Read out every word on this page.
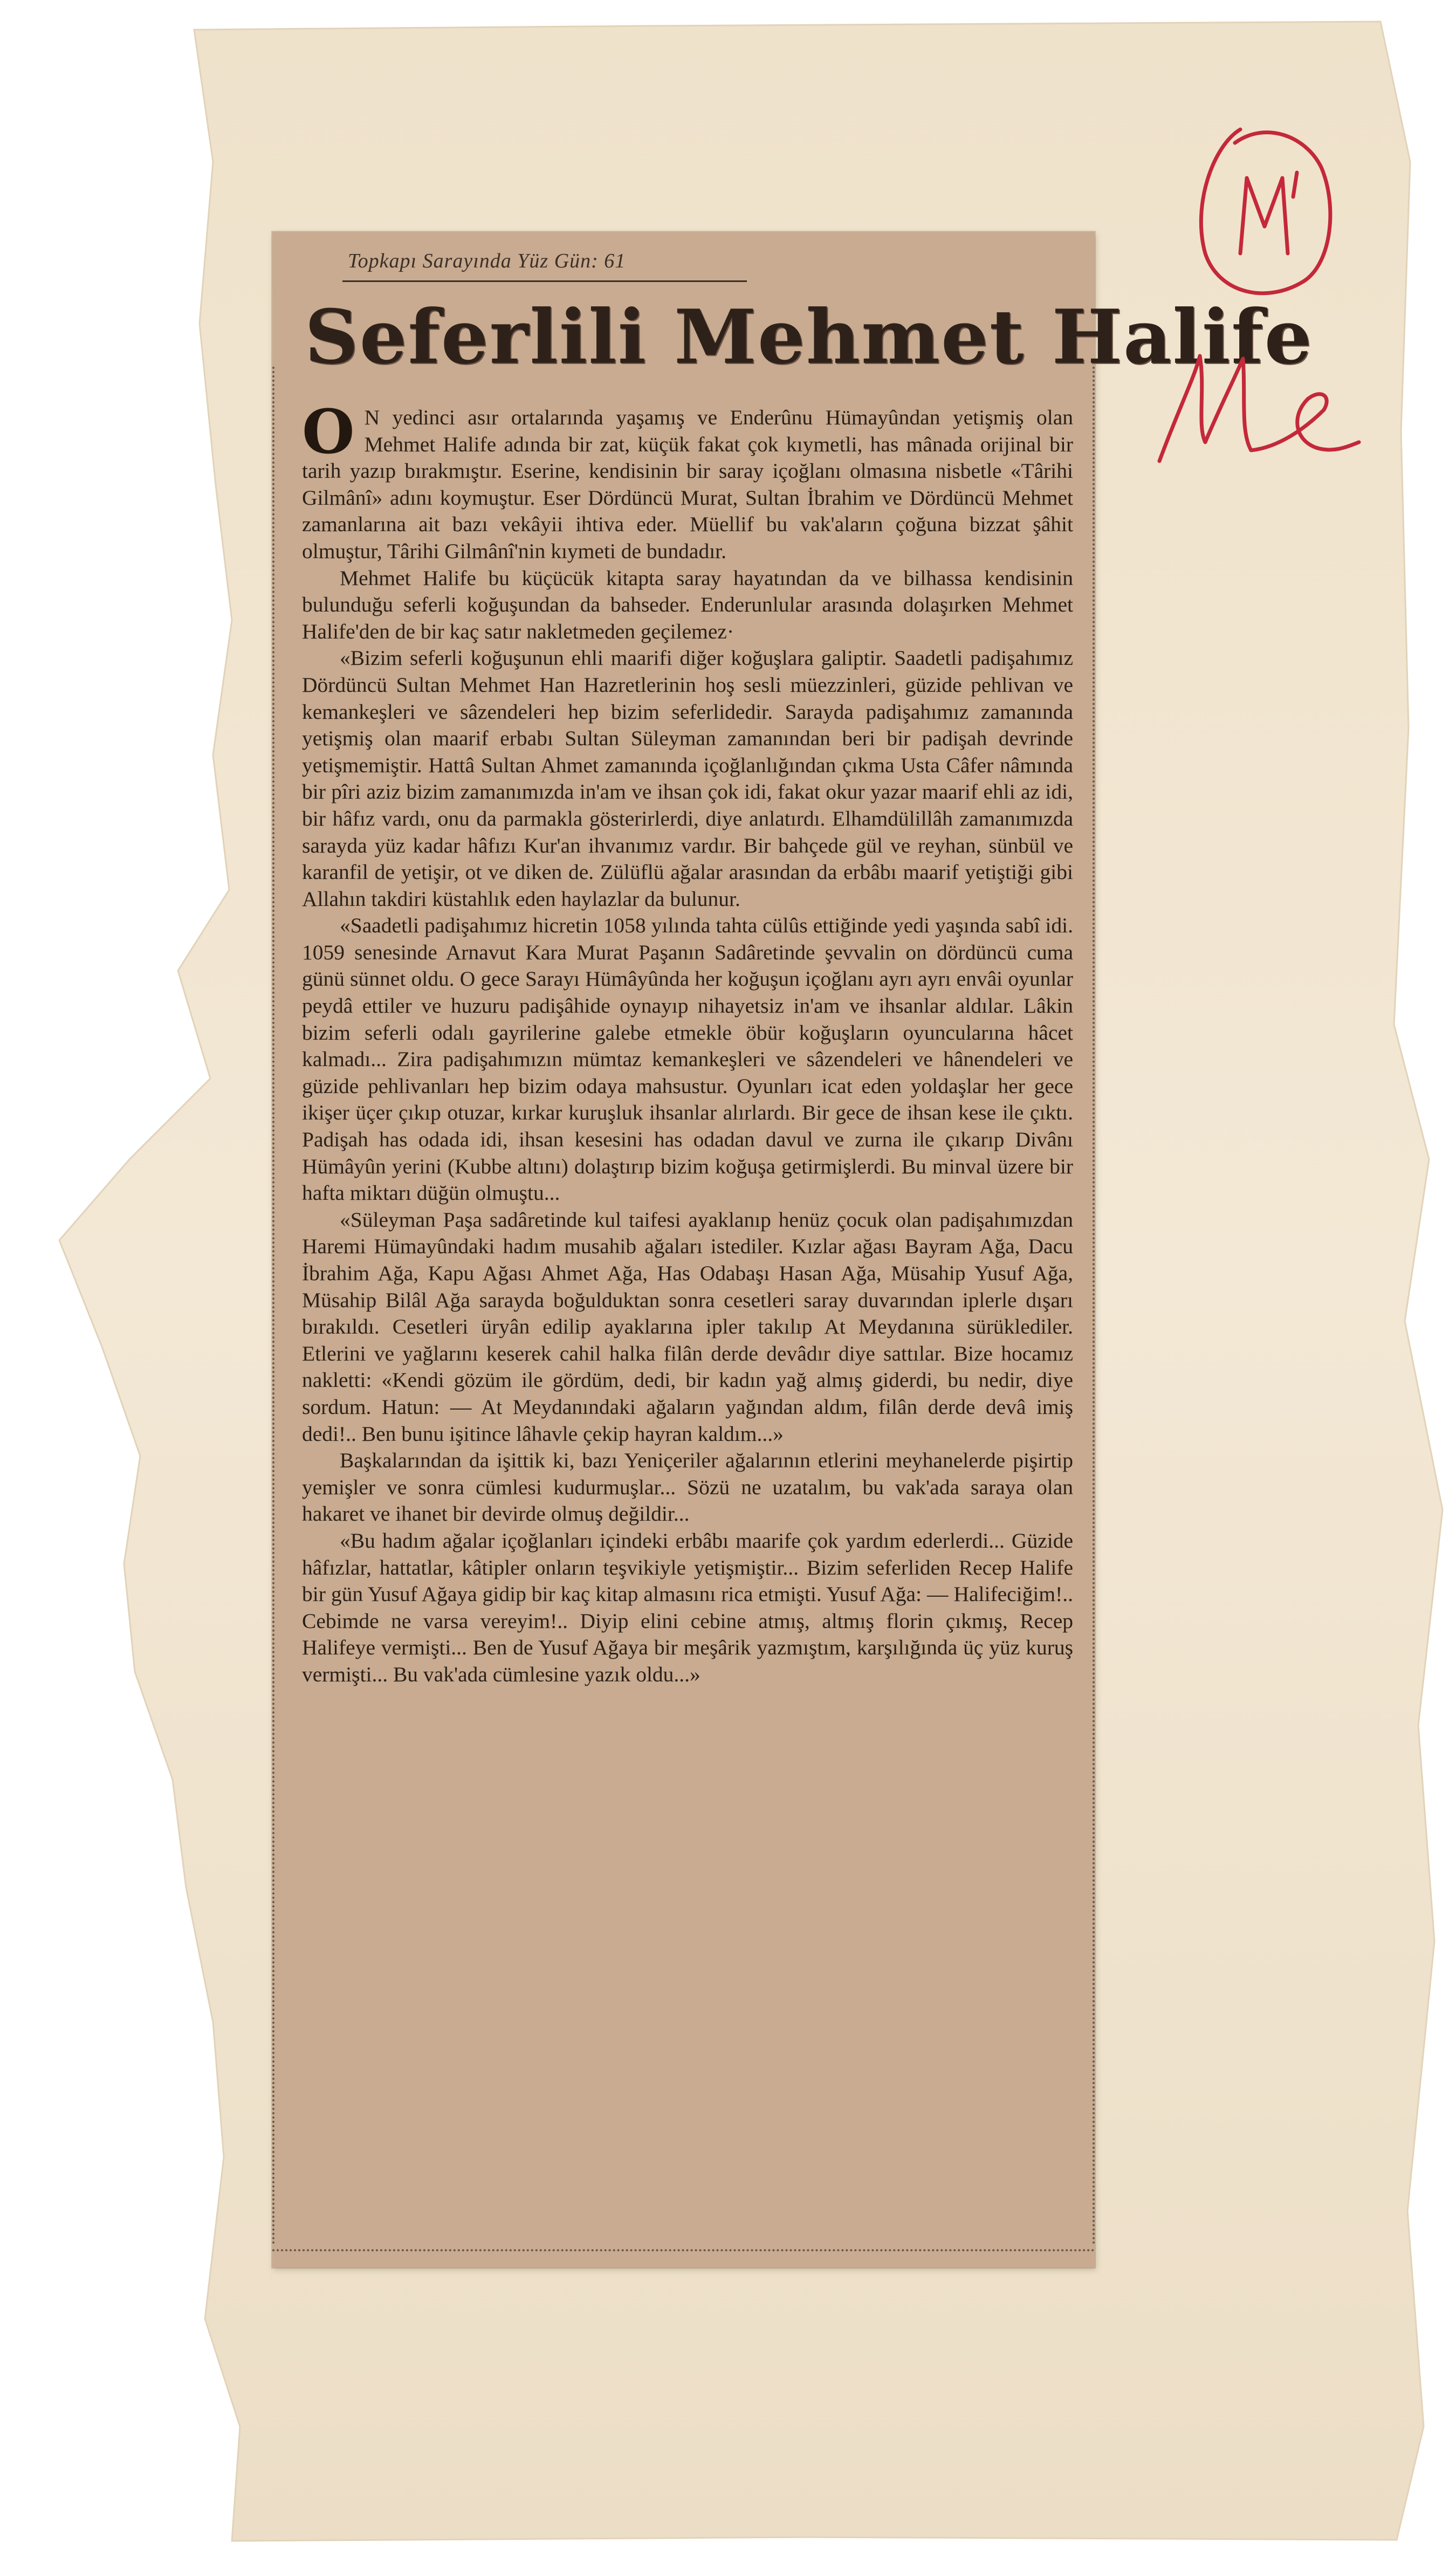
Topkapı Sarayında Yüz Gün: 61
Seferlili Mehmet Halife

O N yedinci asır ortalarında yaşamış ve Enderûnu Hümayûndan yetişmiş olan Mehmet Halife adında bir zat, küçük fakat çok kıymetli, has mânada orijinal bir tarih yazıp bırakmıştır. Eserine, kendisinin bir saray içoğlanı olmasına nisbetle «Târihi Gilmânî» adını koymuştur. Eser Dördüncü Murat, Sultan İbrahim ve Dördüncü Mehmet zamanlarına ait bazı vekâyii ihtiva eder. Müellif bu vak'aların çoğuna bizzat şâhit olmuştur, Târihi Gilmânî'nin kıymeti de bundadır.

Mehmet Halife bu küçücük kitapta saray hayatından da ve bilhassa kendisinin bulunduğu seferli koğuşundan da bahseder. Enderunlular arasında dolaşırken Mehmet Halife'den de bir kaç satır nakletmeden geçilemez·

«Bizim seferli koğuşunun ehli maarifi diğer koğuşlara galiptir. Saadetli padişahımız Dördüncü Sultan Mehmet Han Hazretlerinin hoş sesli müezzinleri, güzide pehlivan ve kemankeşleri ve sâzendeleri hep bizim seferlidedir. Sarayda padişahımız zamanında yetişmiş olan maarif erbabı Sultan Süleyman zamanından beri bir padişah devrinde yetişmemiştir. Hattâ Sultan Ahmet zamanında içoğlanlığından çıkma Usta Câfer nâmında bir pîri aziz bizim zamanımızda in'am ve ihsan çok idi, fakat okur yazar maarif ehli az idi, bir hâfız vardı, onu da parmakla gösterirlerdi, diye anlatırdı. Elhamdülillâh zamanımızda sarayda yüz kadar hâfızı Kur'an ihvanımız vardır. Bir bahçede gül ve reyhan, sünbül ve karanfil de yetişir, ot ve diken de. Zülüflü ağalar arasından da erbâbı maarif yetiştiği gibi Allahın takdiri küstahlık eden haylazlar da bulunur.

«Saadetli padişahımız hicretin 1058 yılında tahta cülûs ettiğinde yedi yaşında sabî idi. 1059 senesinde Arnavut Kara Murat Paşanın Sadâretinde şevvalin on dördüncü cuma günü sünnet oldu. O gece Sarayı Hümâyûnda her koğuşun içoğlanı ayrı ayrı envâi oyunlar peydâ ettiler ve huzuru padişâhide oynayıp nihayetsiz in'am ve ihsanlar aldılar. Lâkin bizim seferli odalı gayrilerine galebe etmekle öbür koğuşların oyuncularına hâcet kalmadı... Zira padişahımızın mümtaz kemankeşleri ve sâzendeleri ve hânendeleri ve güzide pehlivanları hep bizim odaya mahsustur. Oyunları icat eden yoldaşlar her gece ikişer üçer çıkıp otuzar, kırkar kuruşluk ihsanlar alırlardı. Bir gece de ihsan kese ile çıktı. Padişah has odada idi, ihsan kesesini has odadan davul ve zurna ile çıkarıp Divânı Hümâyûn yerini (Kubbe altını) dolaştırıp bizim koğuşa getirmişlerdi. Bu minval üzere bir hafta miktarı düğün olmuştu...

«Süleyman Paşa sadâretinde kul taifesi ayaklanıp henüz çocuk olan padişahımızdan Haremi Hümayûndaki hadım musahib ağaları istediler. Kızlar ağası Bayram Ağa, Dacu İbrahim Ağa, Kapu Ağası Ahmet Ağa, Has Odabaşı Hasan Ağa, Müsahip Yusuf Ağa, Müsahip Bilâl Ağa sarayda boğulduktan sonra cesetleri saray duvarından iplerle dışarı bırakıldı. Cesetleri üryân edilip ayaklarına ipler takılıp At Meydanına sürüklediler. Etlerini ve yağlarını keserek cahil halka filân derde devâdır diye sattılar. Bize hocamız nakletti: «Kendi gözüm ile gördüm, dedi, bir kadın yağ almış giderdi, bu nedir, diye sordum. Hatun: — At Meydanındaki ağaların yağından aldım, filân derde devâ imiş dedi!.. Ben bunu işitince lâhavle çekip hayran kaldım...»

Başkalarından da işittik ki, bazı Yeniçeriler ağalarının etlerini meyhanelerde pişirtip yemişler ve sonra cümlesi kudurmuşlar... Sözü ne uzatalım, bu vak'ada saraya olan hakaret ve ihanet bir devirde olmuş değildir...

«Bu hadım ağalar içoğlanları içindeki erbâbı maarife çok yardım ederlerdi... Güzide hâfızlar, hattatlar, kâtipler onların teşvikiyle yetişmiştir... Bizim seferliden Recep Halife bir gün Yusuf Ağaya gidip bir kaç kitap almasını rica etmişti. Yusuf Ağa: — Halifeciğim!.. Cebimde ne varsa vereyim!.. Diyip elini cebine atmış, altmış florin çıkmış, Recep Halifeye vermişti... Ben de Yusuf Ağaya bir meşârik yazmıştım, karşılığında üç yüz kuruş vermişti... Bu vak'ada cümlesine yazık oldu...»
